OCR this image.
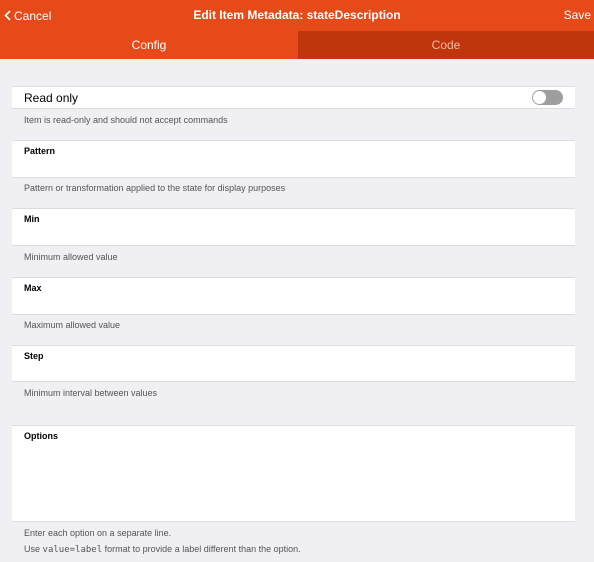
Cancel	Edit Item Metadata: stateDescription	Save
Config	Code
Read only
Item is read-only and should not accept commands
Pattern
Pattern or transformation applied to the state for display purposes
Min
Minimum allowed value
Max
Maximum allowed value
Step
Minimum interval between values
Options
Enter each option on a separate line.
Use value=label format to provide a label different than the option.
